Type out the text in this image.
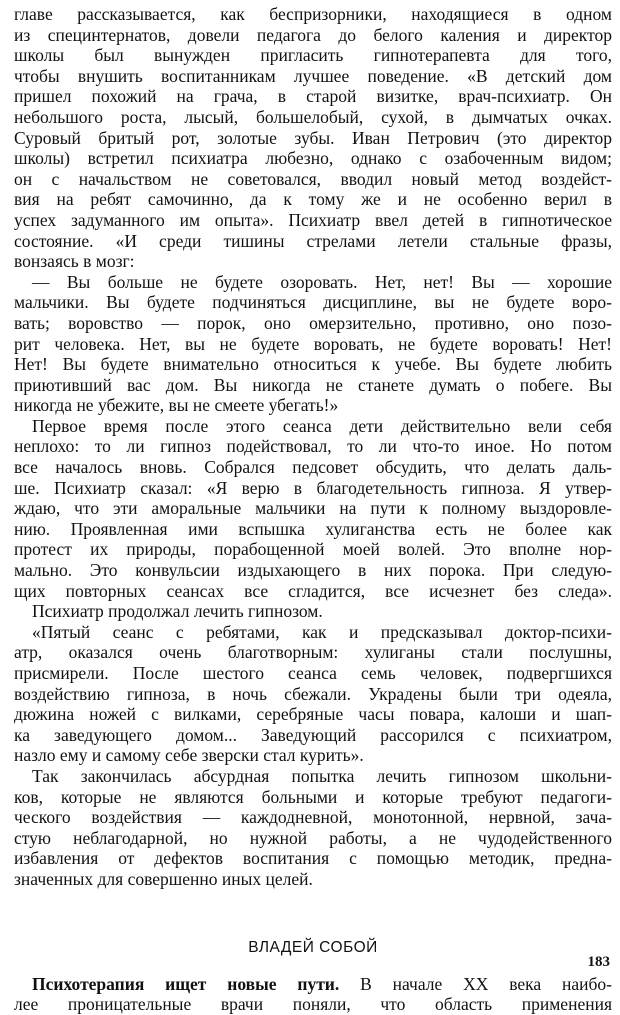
главе рассказывается, как беспризорники, находящиеся в одном
из специнтернатов, довели педагога до белого каления и директор
школы был вынужден пригласить гипнотерапевта для того,
чтобы внушить воспитанникам лучшее поведение. «В детский дом
пришел похожий на грача, в старой визитке, врач-психиатр. Он
небольшого роста, лысый, большелобый, сухой, в дымчатых очках.
Суровый бритый рот, золотые зубы. Иван Петрович (это директор
школы) встретил психиатра любезно, однако с озабоченным видом;
он с начальством не советовался, вводил новый метод воздейст-
вия на ребят самочинно, да к тому же и не особенно верил в
успех задуманного им опыта». Психиатр ввел детей в гипнотическое
состояние. «И среди тишины стрелами летели стальные фразы,
вонзаясь в мозг:
— Вы больше не будете озоровать. Нет, нет! Вы — хорошие
мальчики. Вы будете подчиняться дисциплине, вы не будете воро-
вать; воровство — порок, оно омерзительно, противно, оно позо-
рит человека. Нет, вы не будете воровать, не будете воровать! Нет!
Нет! Вы будете внимательно относиться к учебе. Вы будете любить
приютивший вас дом. Вы никогда не станете думать о побеге. Вы
никогда не убежите, вы не смеете убегать!»
Первое время после этого сеанса дети действительно вели себя
неплохо: то ли гипноз подействовал, то ли что-то иное. Но потом
все началось вновь. Собрался педсовет обсудить, что делать даль-
ше. Психиатр сказал: «Я верю в благодетельность гипноза. Я утвер-
ждаю, что эти аморальные мальчики на пути к полному выздоровле-
нию. Проявленная ими вспышка хулиганства есть не более как
протест их природы, порабощенной моей волей. Это вполне нор-
мально. Это конвульсии издыхающего в них порока. При следую-
щих повторных сеансах все сгладится, все исчезнет без следа».
Психиатр продолжал лечить гипнозом.
«Пятый сеанс с ребятами, как и предсказывал доктор-психи-
атр, оказался очень благотворным: хулиганы стали послушны,
присмирели. После шестого сеанса семь человек, подвергшихся
воздействию гипноза, в ночь сбежали. Украдены были три одеяла,
дюжина ножей с вилками, серебряные часы повара, калоши и шап-
ка заведующего домом... Заведующий рассорился с психиатром,
назло ему и самому себе зверски стал курить».
Так закончилась абсурдная попытка лечить гипнозом школьни-
ков, которые не являются больными и которые требуют педагоги-
ческого воздействия — каждодневной, монотонной, нервной, зача-
стую неблагодарной, но нужной работы, а не чудодейственного
избавления от дефектов воспитания с помощью методик, предна-
значенных для совершенно иных целей.
ВЛАДЕЙ СОБОЙ
Психотерапия ищет новые пути. В начале XX века наибо-
лее проницательные врачи поняли, что область применения
183
